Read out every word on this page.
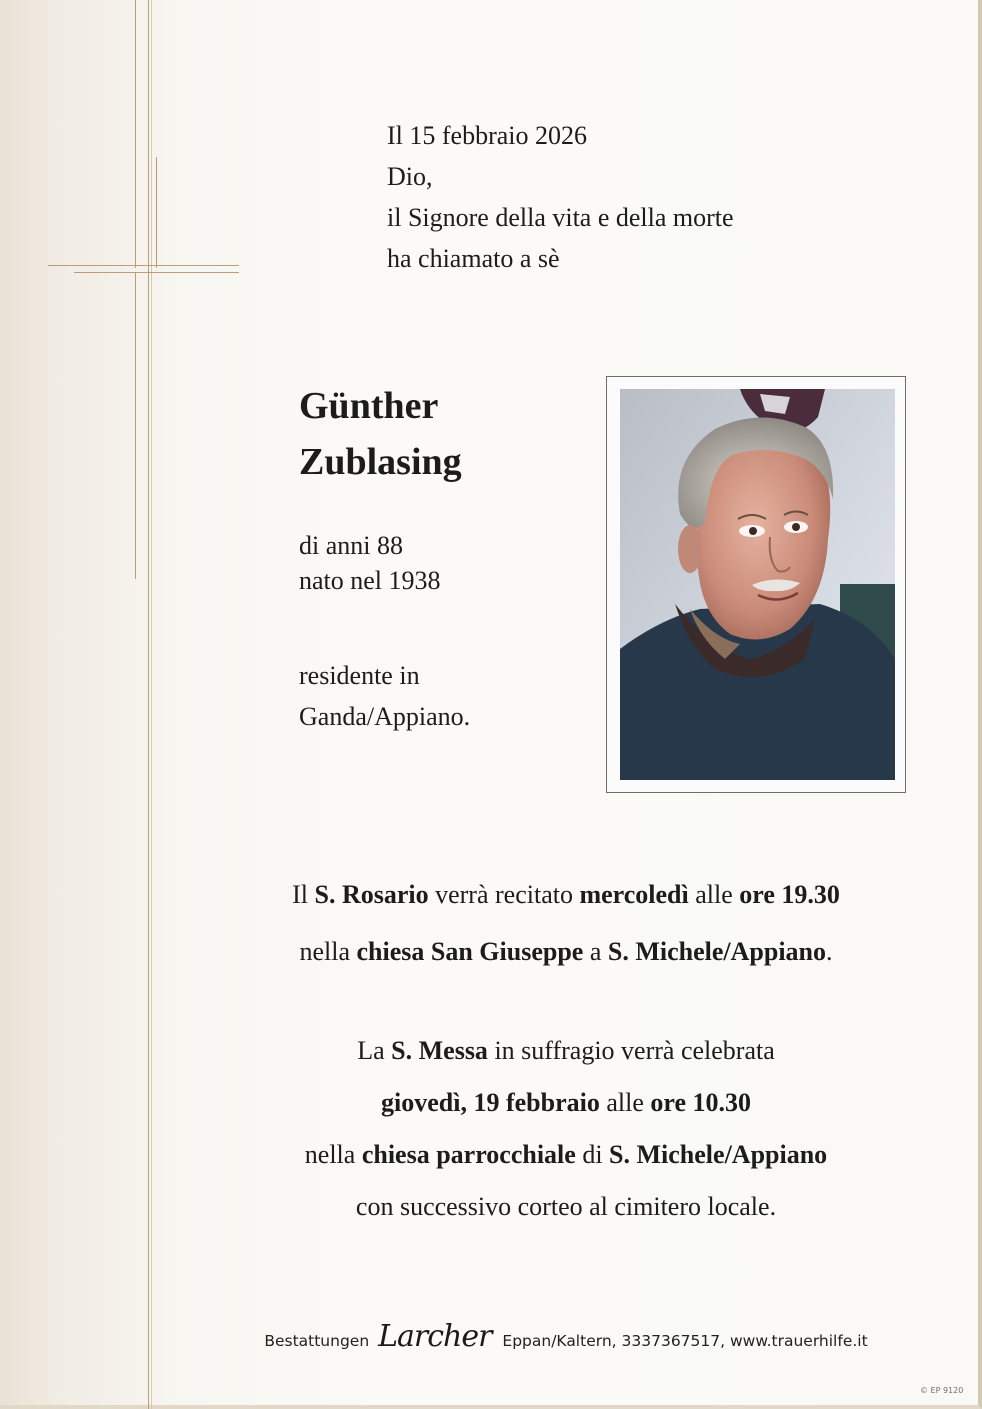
Il 15 febbraio 2026
Dio,
il Signore della vita e della morte
ha chiamato a sè
Günther
Zublasing
di anni 88
nato nel 1938
residente in
Ganda/Appiano.
Il S. Rosario verrà recitato mercoledì alle ore 19.30
nella chiesa San Giuseppe a S. Michele/Appiano.
La S. Messa in suffragio verrà celebrata
giovedì, 19 febbraio alle ore 10.30
nella chiesa parrocchiale di S. Michele/Appiano
con successivo corteo al cimitero locale.
Bestattungen Larcher Eppan/Kaltern, 3337367517, www.trauerhilfe.it
© EP 9120
